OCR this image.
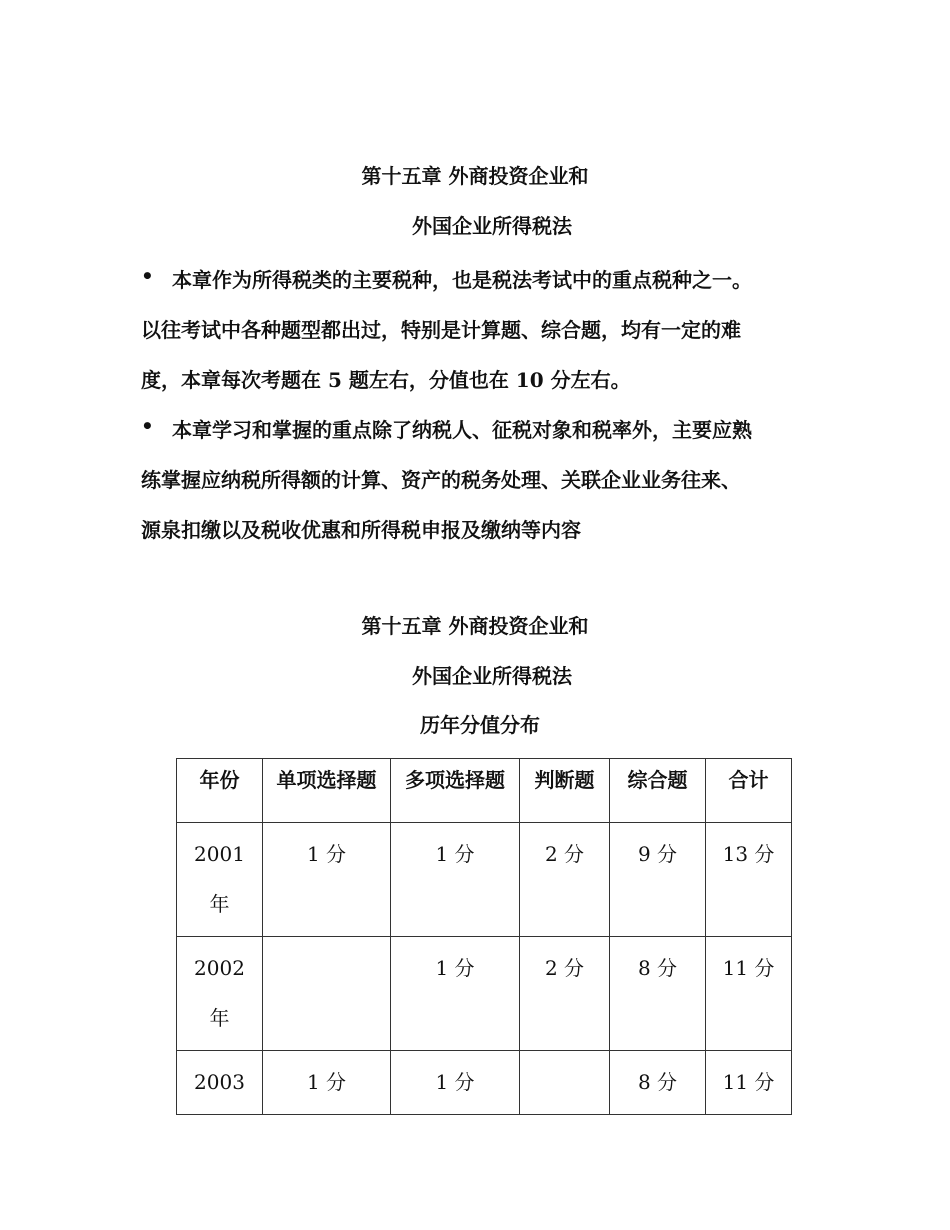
第十五章 外商投资企业和
外国企业所得税法
• 本章作为所得税类的主要税种，也是税法考试中的重点税种之一。
以往考试中各种题型都出过，特别是计算题、综合题，均有一定的难
度，本章每次考题在 5 题左右，分值也在 10 分左右。
• 本章学习和掌握的重点除了纳税人、征税对象和税率外，主要应熟
练掌握应纳税所得额的计算、资产的税务处理、关联企业业务往来、
源泉扣缴以及税收优惠和所得税申报及缴纳等内容
第十五章 外商投资企业和
外国企业所得税法
历年分值分布
年份	单项选择题	多项选择题	判断题	综合题	合计

2001
年	1 分	1 分	2 分	9 分	13 分

2002
年		1 分	2 分	8 分	11 分

2003	1 分	1 分		8 分	11 分
